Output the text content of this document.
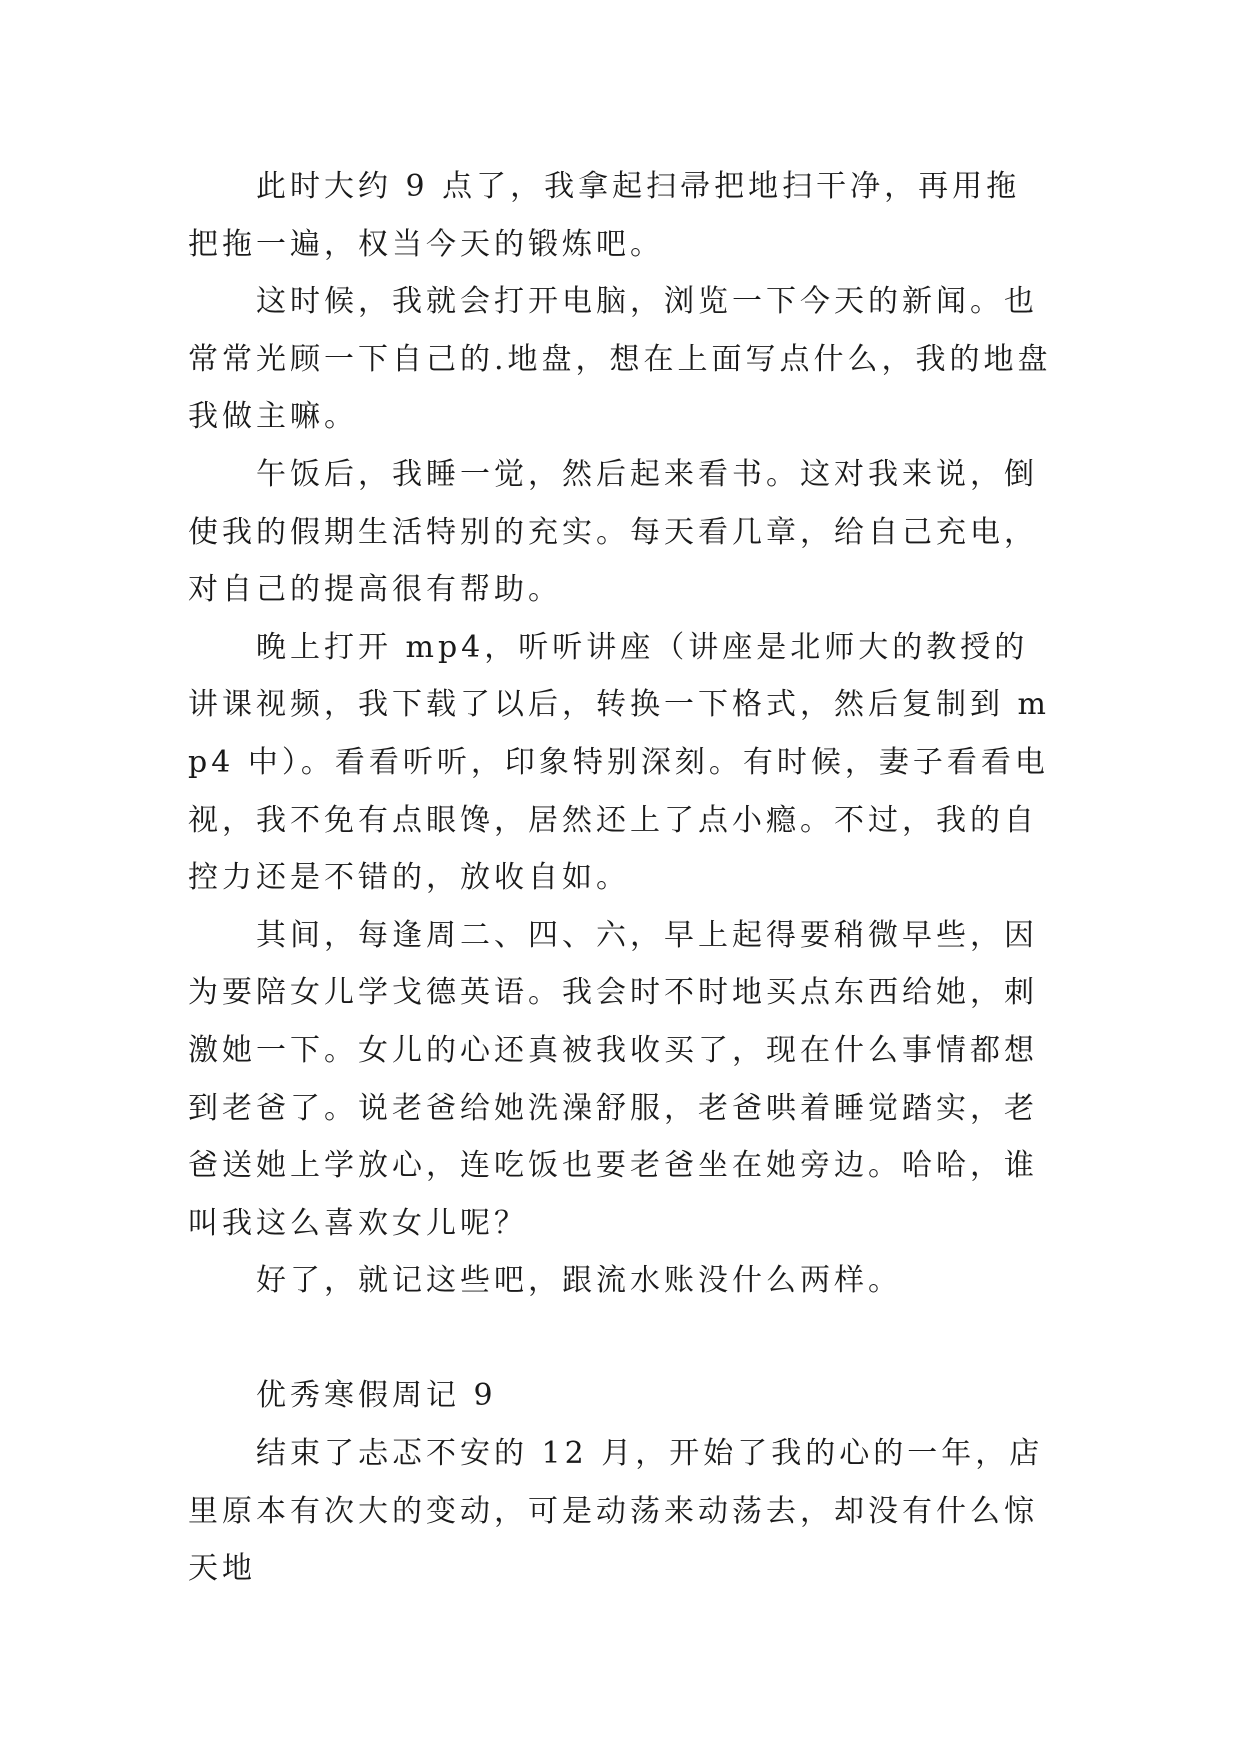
此时大约 9 点了，我拿起扫帚把地扫干净，再用拖把拖一遍，权当今天的锻炼吧。

这时候，我就会打开电脑，浏览一下今天的新闻。也常常光顾一下自己的.地盘，想在上面写点什么，我的地盘我做主嘛。

午饭后，我睡一觉，然后起来看书。这对我来说，倒使我的假期生活特别的充实。每天看几章，给自己充电，对自己的提高很有帮助。

晚上打开 mp4，听听讲座（讲座是北师大的教授的讲课视频，我下载了以后，转换一下格式，然后复制到 mp4 中）。看看听听，印象特别深刻。有时候，妻子看看电视，我不免有点眼馋，居然还上了点小瘾。不过，我的自控力还是不错的，放收自如。

其间，每逢周二、四、六，早上起得要稍微早些，因为要陪女儿学戈德英语。我会时不时地买点东西给她，刺激她一下。女儿的心还真被我收买了，现在什么事情都想到老爸了。说老爸给她洗澡舒服，老爸哄着睡觉踏实，老爸送她上学放心，连吃饭也要老爸坐在她旁边。哈哈，谁叫我这么喜欢女儿呢？

好了，就记这些吧，跟流水账没什么两样。

优秀寒假周记 9

结束了忐忑不安的 12 月，开始了我的心的一年，店里原本有次大的变动，可是动荡来动荡去，却没有什么惊天地
